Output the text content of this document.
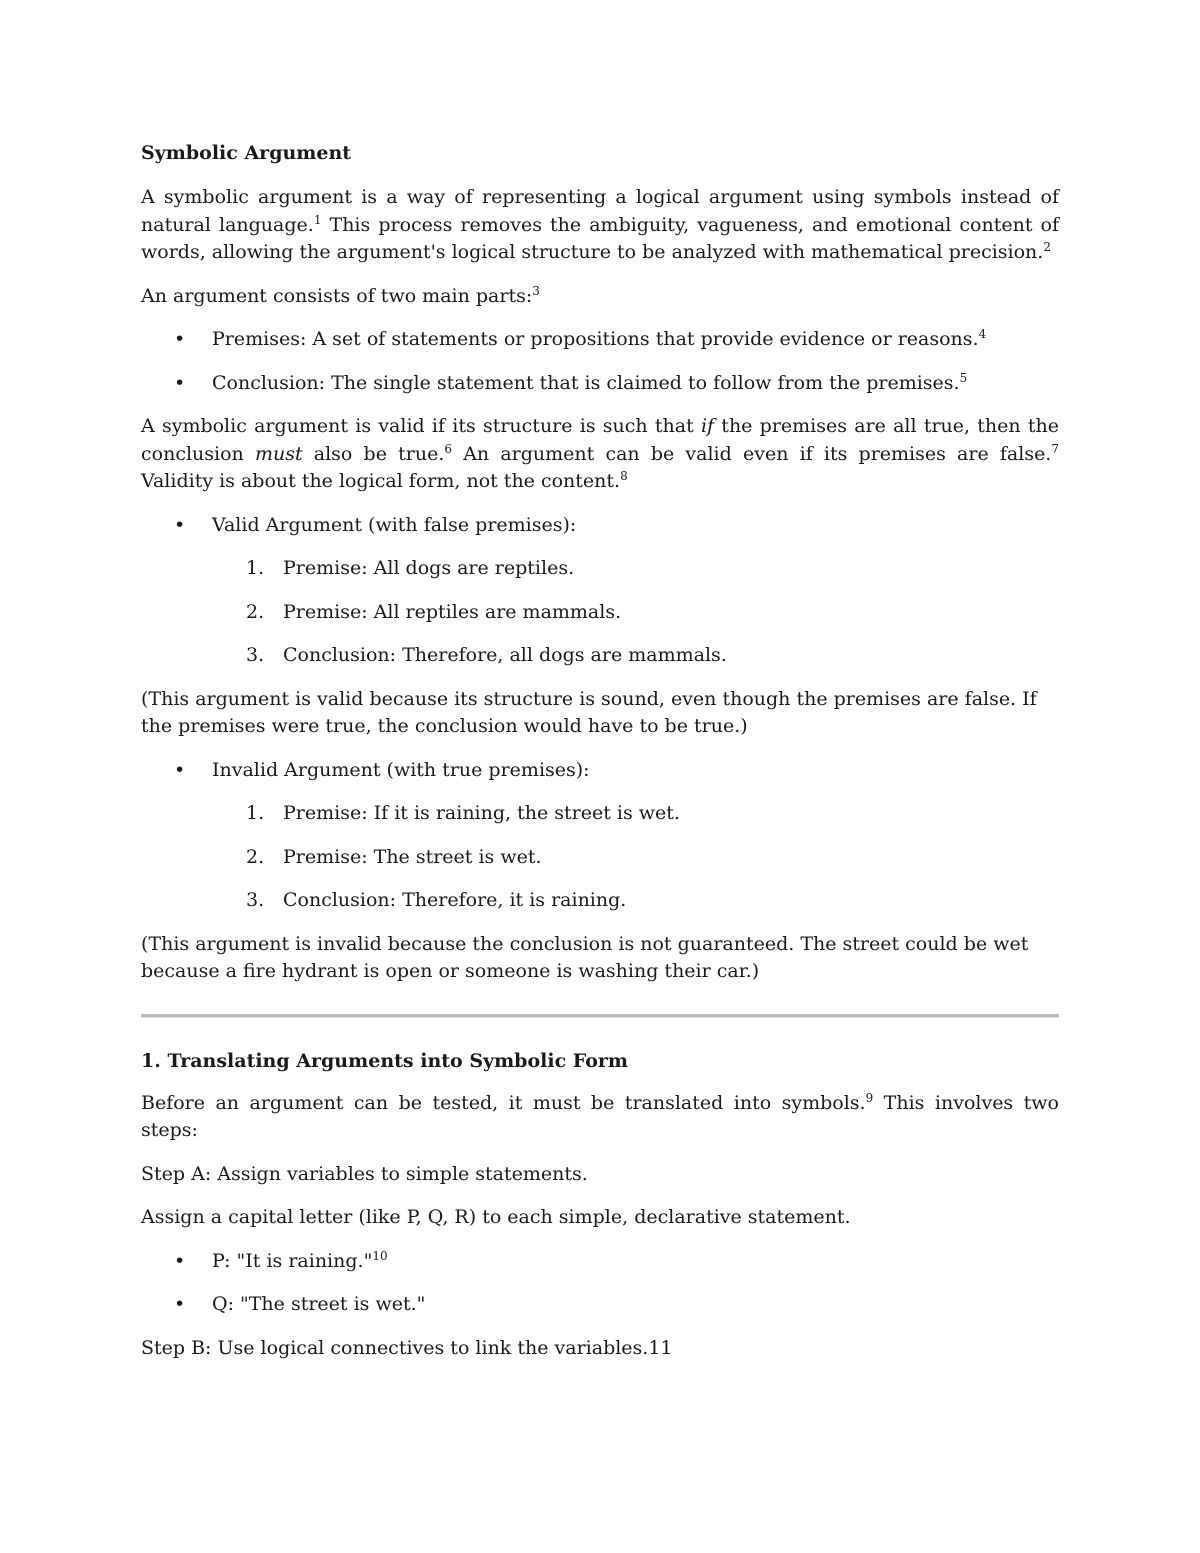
Symbolic Argument

A symbolic argument is a way of representing a logical argument using symbols instead of natural language.$^1$ This process removes the ambiguity, vagueness, and emotional content of words, allowing the argument's logical structure to be analyzed with mathematical precision.$^2$

An argument consists of two main parts:$^3$

• Premises: A set of statements or propositions that provide evidence or reasons.$^4$
• Conclusion: The single statement that is claimed to follow from the premises.$^5$

A symbolic argument is valid if its structure is such that if the premises are all true, then the conclusion must also be true.$^6$ An argument can be valid even if its premises are false.$^7$ Validity is about the logical form, not the content.$^8$

• Valid Argument (with false premises):
1. Premise: All dogs are reptiles.
2. Premise: All reptiles are mammals.
3. Conclusion: Therefore, all dogs are mammals.

(This argument is valid because its structure is sound, even though the premises are false. If the premises were true, the conclusion would have to be true.)

• Invalid Argument (with true premises):
1. Premise: If it is raining, the street is wet.
2. Premise: The street is wet.
3. Conclusion: Therefore, it is raining.

(This argument is invalid because the conclusion is not guaranteed. The street could be wet because a fire hydrant is open or someone is washing their car.)

1. Translating Arguments into Symbolic Form

Before an argument can be tested, it must be translated into symbols.$^9$ This involves two steps:

Step A: Assign variables to simple statements.

Assign a capital letter (like P, Q, R) to each simple, declarative statement.

• P: "It is raining."$^{10}$
• Q: "The street is wet."

Step B: Use logical connectives to link the variables.11
